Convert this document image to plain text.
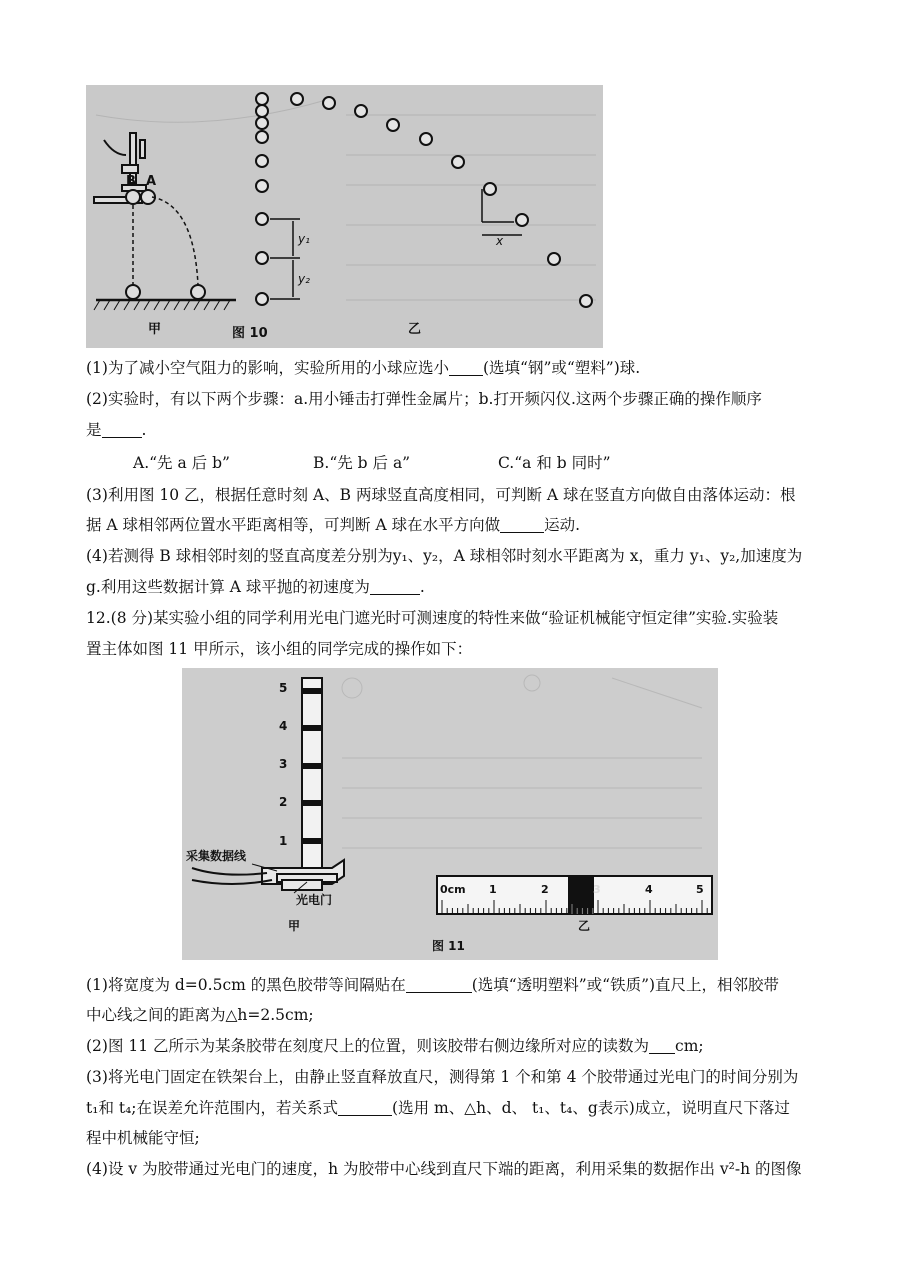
B A
甲	图 10	乙
y₁
y₂
x
(1)为了减小空气阻力的影响，实验所用的小球应选小 (选填“钢”或“塑料”)球.
(2)实验时，有以下两个步骤：a.用小锤击打弹性金属片；b.打开频闪仪.这两个步骤正确的操作顺序
是	.
A.“先 a 后 b”	B.“先 b 后 a”	C.“a 和 b 同时”
(3)利用图 10 乙，根据任意时刻 A、B 两球竖直高度相同，可判断 A 球在竖直方向做自由落体运动：根
据 A 球相邻两位置水平距离相等，可判断 A 球在水平方向做	运动.
(4)若测得 B 球相邻时刻的竖直高度差分别为y₁、y₂，A 球相邻时刻水平距离为 x，重力 y₁、y₂,加速度为
g.利用这些数据计算 A 球平抛的初速度为	.
12.(8 分)某实验小组的同学利用光电门遮光时可测速度的特性来做“验证机械能守恒定律”实验.实验装
置主体如图 11 甲所示，该小组的同学完成的操作如下：
5
4
3
2
1
采集数据线
光电门
甲
图 11
乙
0cm 1	2	3	4	5
(1)将宽度为 d=0.5cm 的黑色胶带等间隔贴在	(选填“透明塑料”或“铁质”)直尺上，相邻胶带
中心线之间的距离为△h=2.5cm;
(2)图 11 乙所示为某条胶带在刻度尺上的位置，则该胶带右侧边缘所对应的读数为 cm;
(3)将光电门固定在铁架台上，由静止竖直释放直尺，测得第 1 个和第 4 个胶带通过光电门的时间分别为
t₁和 t₄;在误差允许范围内，若关系式	(选用 m、△h、d、 t₁、t₄、g表示)成立，说明直尺下落过
程中机械能守恒;
(4)设 v 为胶带通过光电门的速度，h 为胶带中心线到直尺下端的距离，利用采集的数据作出 v²-h 的图像
